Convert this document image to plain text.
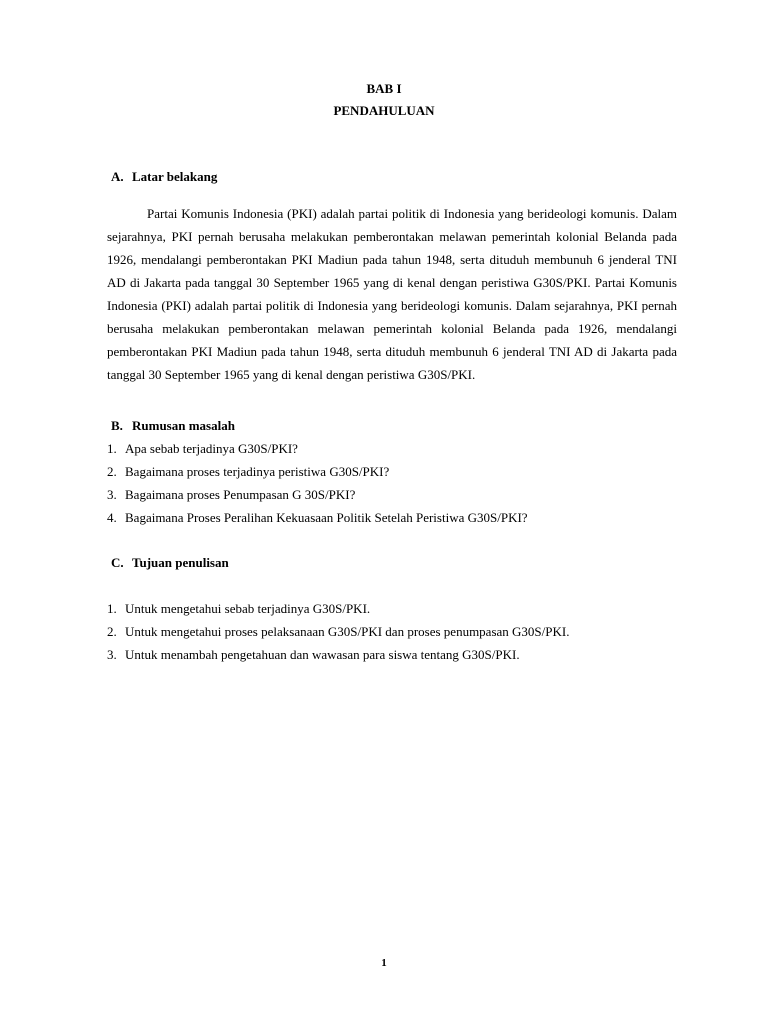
BAB I
PENDAHULUAN
A. Latar belakang

Partai Komunis Indonesia (PKI) adalah partai politik di Indonesia yang berideologi komunis. Dalam sejarahnya, PKI pernah berusaha melakukan pemberontakan melawan pemerintah kolonial Belanda pada 1926, mendalangi pemberontakan PKI Madiun pada tahun 1948, serta dituduh membunuh 6 jenderal TNI AD di Jakarta pada tanggal 30 September 1965 yang di kenal dengan peristiwa G30S/PKI. Partai Komunis Indonesia (PKI) adalah partai politik di Indonesia yang berideologi komunis. Dalam sejarahnya, PKI pernah berusaha melakukan pemberontakan melawan pemerintah kolonial Belanda pada 1926, mendalangi pemberontakan PKI Madiun pada tahun 1948, serta dituduh membunuh 6 jenderal TNI AD di Jakarta pada tanggal 30 September 1965 yang di kenal dengan peristiwa G30S/PKI.

B. Rumusan masalah
1. Apa sebab terjadinya G30S/PKI?
2. Bagaimana proses terjadinya peristiwa G30S/PKI?
3. Bagaimana proses Penumpasan G 30S/PKI?
4. Bagaimana Proses Peralihan Kekuasaan Politik Setelah Peristiwa G30S/PKI?
C. Tujuan penulisan
1. Untuk mengetahui sebab terjadinya G30S/PKI.
2. Untuk mengetahui proses pelaksanaan G30S/PKI dan proses penumpasan G30S/PKI.
3. Untuk menambah pengetahuan dan wawasan para siswa tentang G30S/PKI.
1
